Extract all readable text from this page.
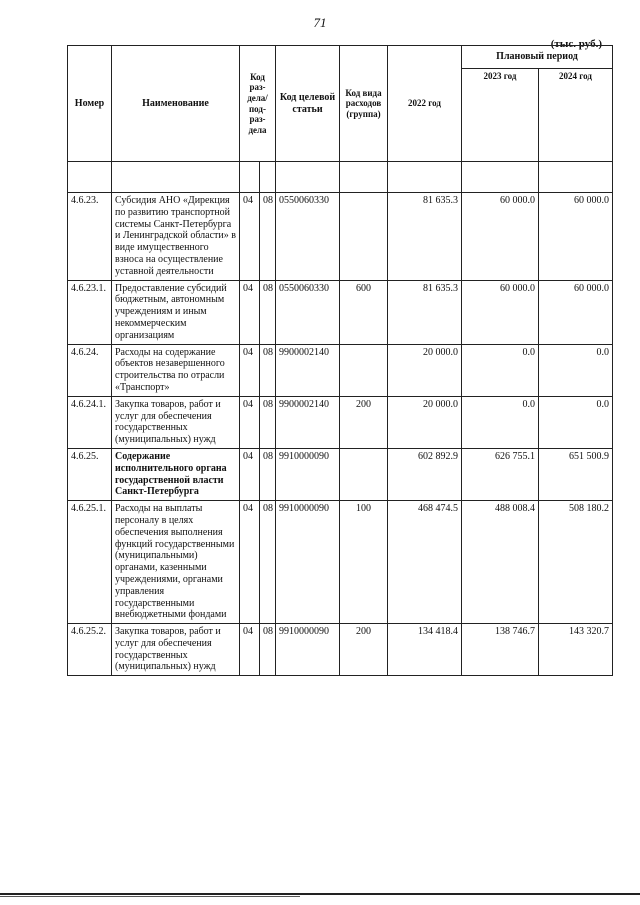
71
(тыс. руб.)
Номер	Наименование	Код раз-дела/ под-раз-дела		Код целевой статьи	Код вида расходов (группа)	2022 год	Плановый период	
							2023 год	2024 год

4.6.23.	Субсидия АНО «Дирекция по развитию транспортной системы Санкт-Петербурга и Ленинградской области» в виде имущественного взноса на осуществление уставной деятельности	04	08	0550060330		81 635.3	60 000.0	60 000.0
4.6.23.1.	Предоставление субсидий бюджетным, автономным учреждениям и иным некоммерческим организациям	04	08	0550060330	600	81 635.3	60 000.0	60 000.0
4.6.24.	Расходы на содержание объектов незавершенного строительства по отрасли «Транспорт»	04	08	9900002140		20 000.0	0.0	0.0
4.6.24.1.	Закупка товаров, работ и услуг для обеспечения государственных (муниципальных) нужд	04	08	9900002140	200	20 000.0	0.0	0.0
4.6.25.	Содержание исполнительного органа государственной власти Санкт-Петербурга	04	08	9910000090		602 892.9	626 755.1	651 500.9
4.6.25.1.	Расходы на выплаты персоналу в целях обеспечения выполнения функций государственными (муниципальными) органами, казенными учреждениями, органами управления государственными внебюджетными фондами	04	08	9910000090	100	468 474.5	488 008.4	508 180.2
4.6.25.2.	Закупка товаров, работ и услуг для обеспечения государственных (муниципальных) нужд	04	08	9910000090	200	134 418.4	138 746.7	143 320.7
